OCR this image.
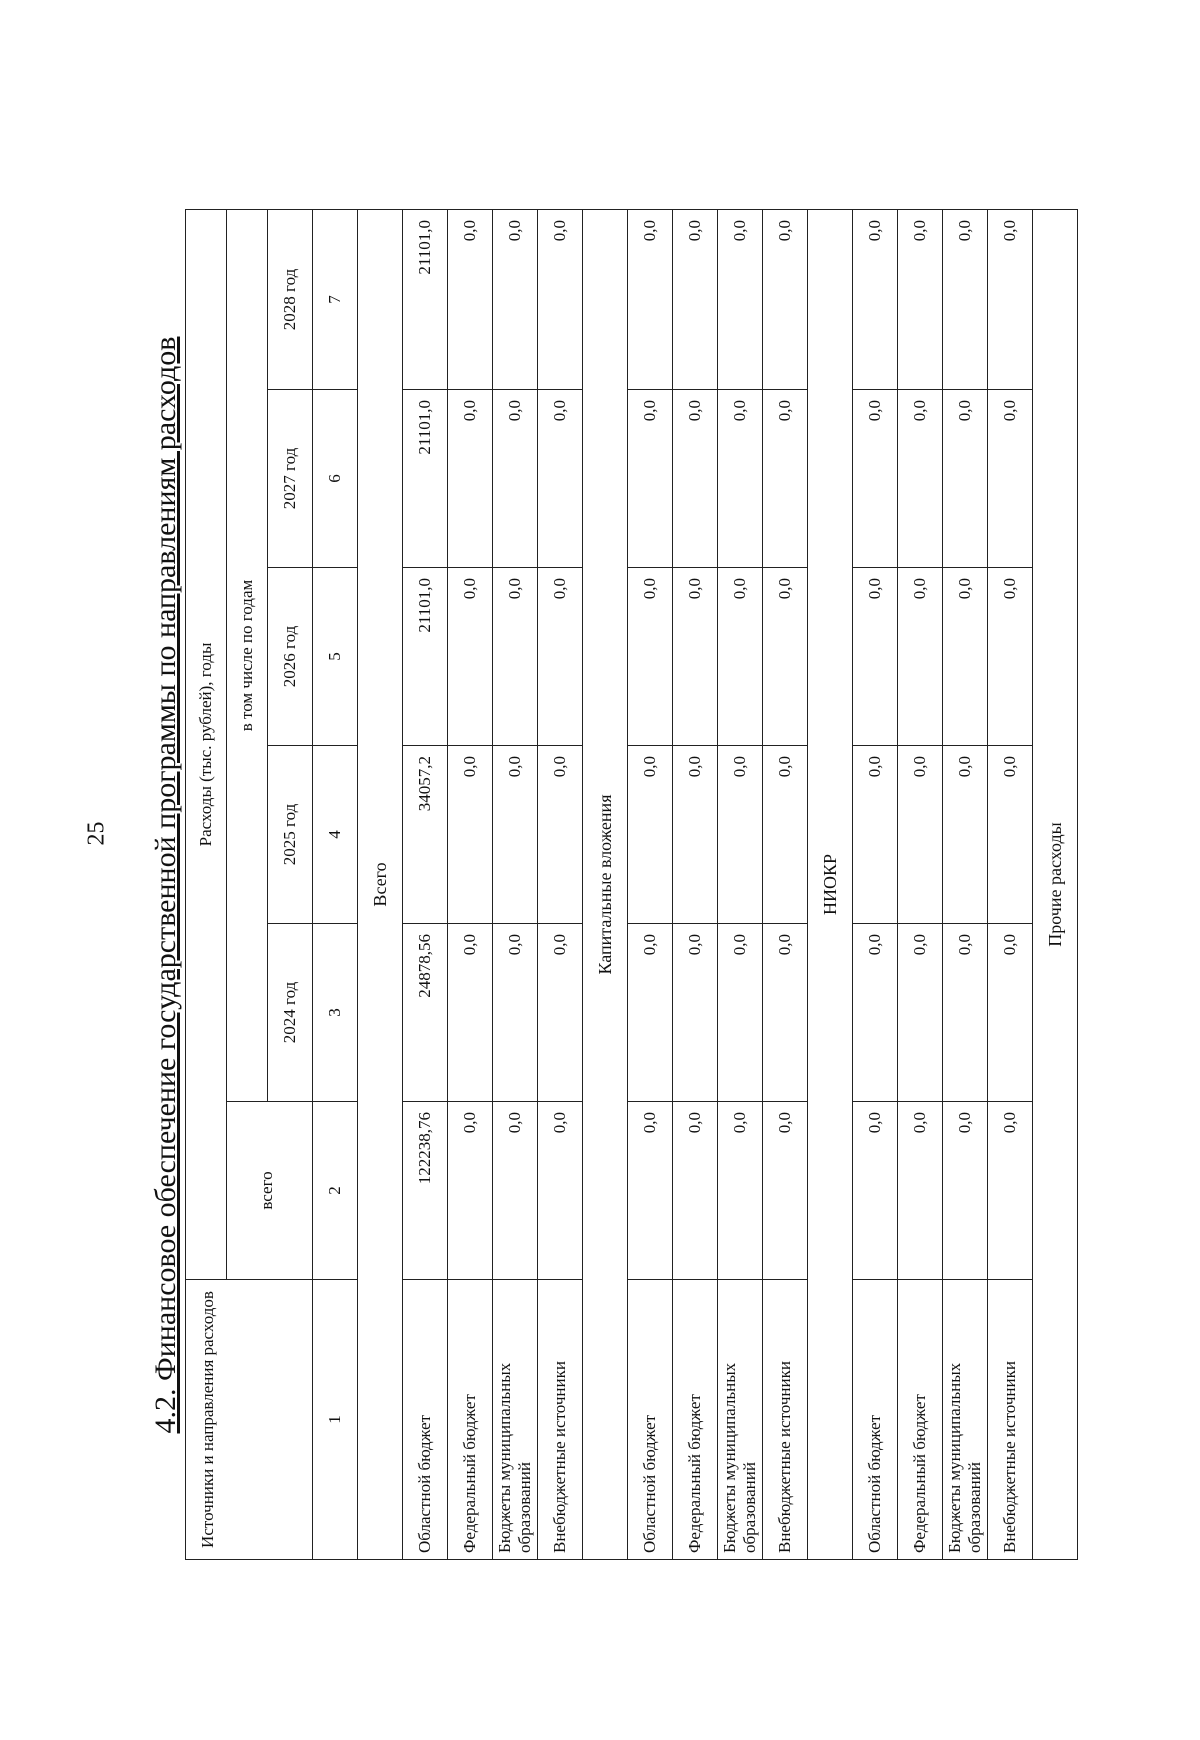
25 4.2. Финансовое обеспечение государственной программы по направлениям расходов Источники и направления расходов	Расходы (тыс. рублей), годы					
	всего	в том числе по годам				
		2024 год	2025 год	2026 год	2027 год	2028 год
1	2	3	4	5	6	7
Всего						
Областной бюджет	122238,76	24878,56	34057,2	21101,0	21101,0	21101,0
Федеральный бюджет	0,0	0,0	0,0	0,0	0,0	0,0
Бюджеты муниципальных образований	0,0	0,0	0,0	0,0	0,0	0,0
Внебюджетные источники	0,0	0,0	0,0	0,0	0,0	0,0
Капитальные вложения						
Областной бюджет	0,0	0,0	0,0	0,0	0,0	0,0
Федеральный бюджет	0,0	0,0	0,0	0,0	0,0	0,0
Бюджеты муниципальных образований	0,0	0,0	0,0	0,0	0,0	0,0
Внебюджетные источники	0,0	0,0	0,0	0,0	0,0	0,0
НИОКР						
Областной бюджет	0,0	0,0	0,0	0,0	0,0	0,0
Федеральный бюджет	0,0	0,0	0,0	0,0	0,0	0,0
Бюджеты муниципальных образований	0,0	0,0	0,0	0,0	0,0	0,0
Внебюджетные источники	0,0	0,0	0,0	0,0	0,0	0,0
Прочие расходы						
